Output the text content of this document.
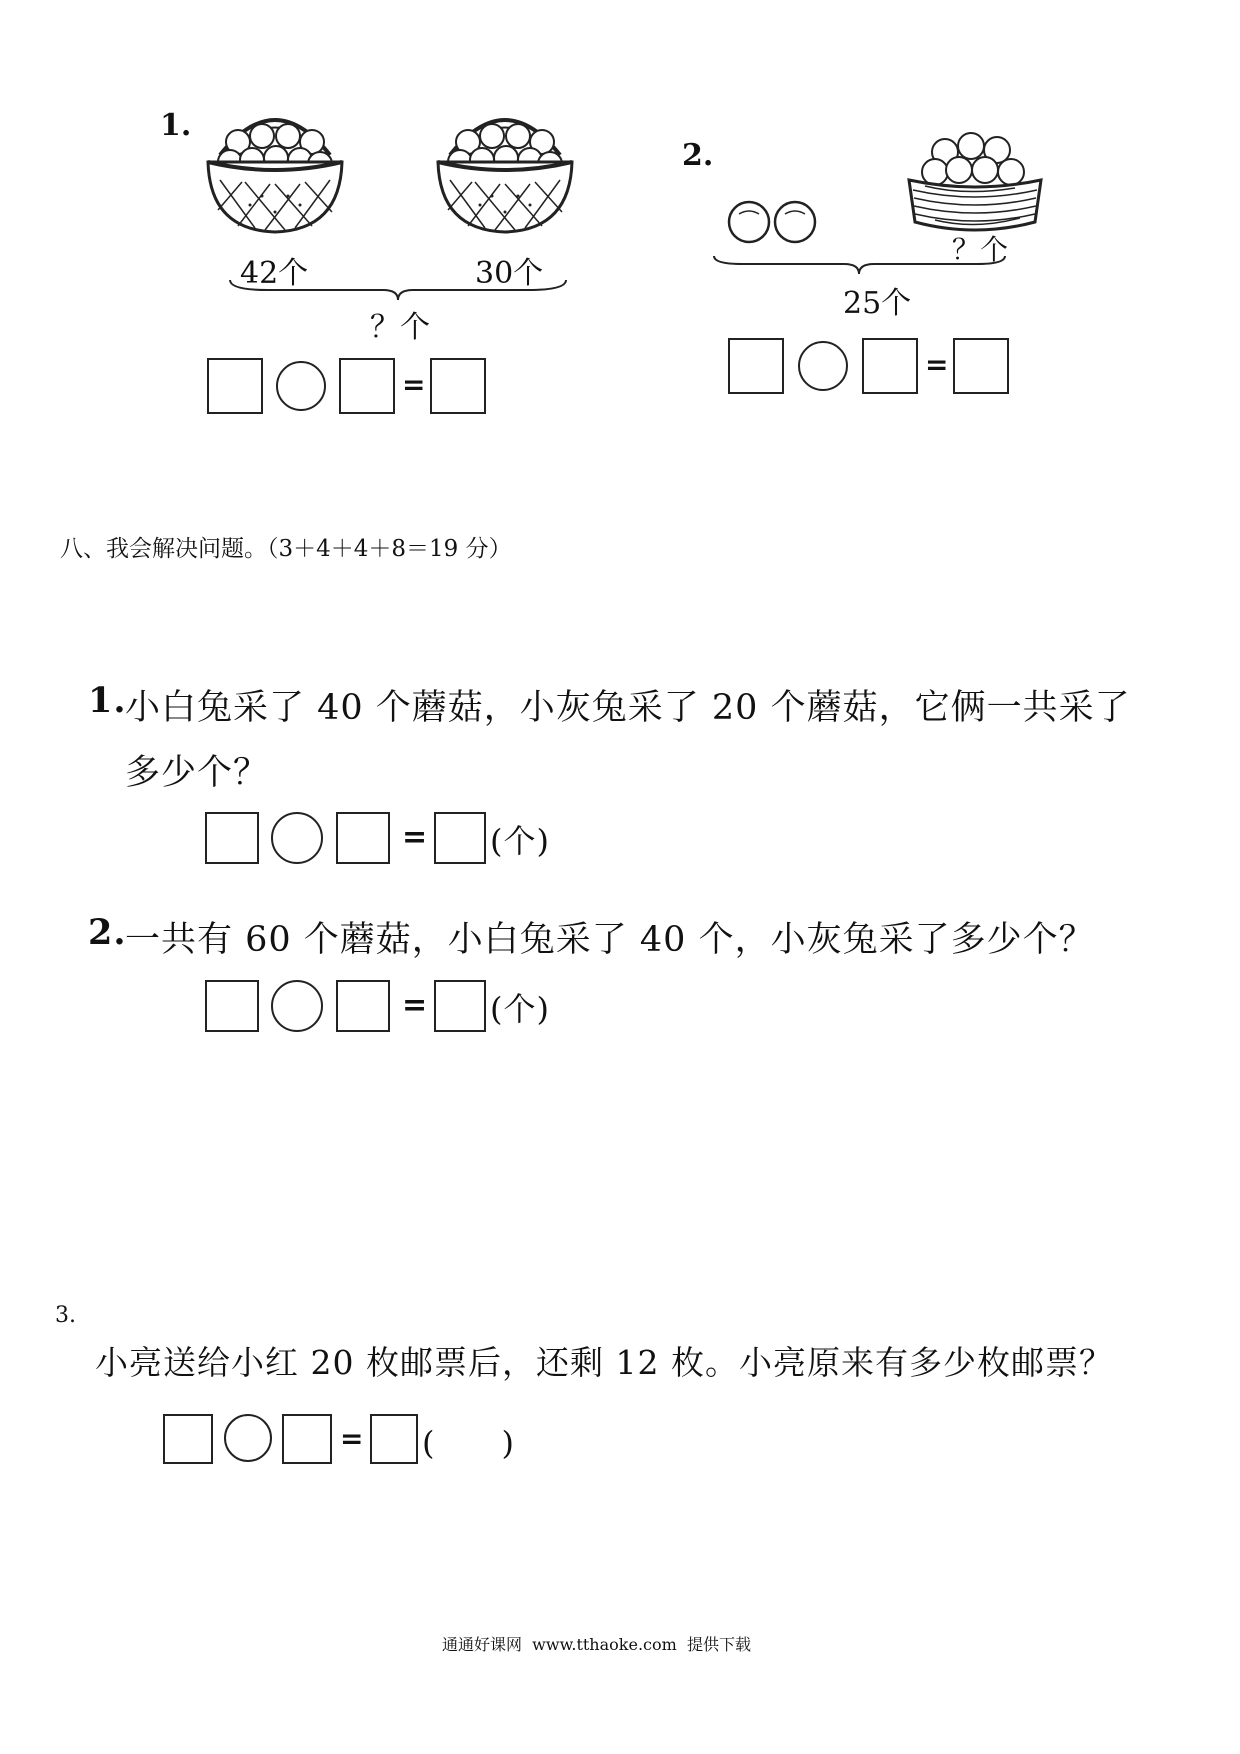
1.
42个	30个
？个
=
2.
？个
25个
=
八、我会解决问题。（3＋4＋4＋8＝19 分）
1.
小白兔采了 40 个蘑菇，小灰兔采了 20 个蘑菇，它俩一共采了
多少个？
= (个)
2.
一共有 60 个蘑菇，小白兔采了 40 个，小灰兔采了多少个？
= (个)
3.
小亮送给小红 20 枚邮票后，还剩 12 枚。小亮原来有多少枚邮票？
= (　　)
通通好课网  www.tthaoke.com  提供下载
